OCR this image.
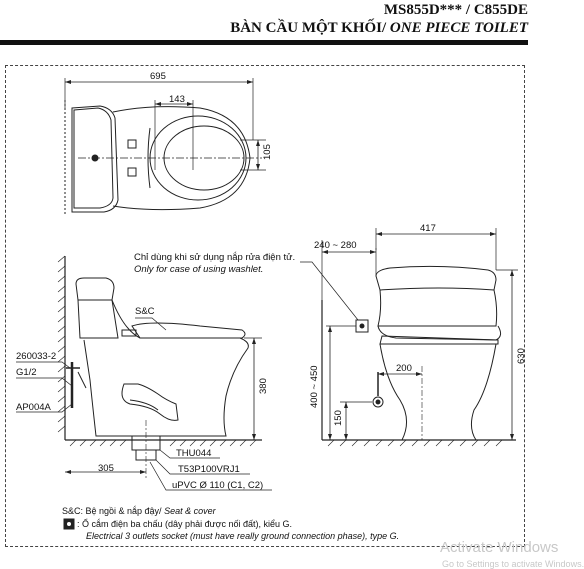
MS855D*** / C855DE
BÀN CẦU MỘT KHỐI/ ONE PIECE TOILET
695
143
105
240 ~ 280
417
Chỉ dùng khi sử dụng nắp rửa điện tử.
Only for case of using washlet.
630
200
400 ~ 450
150
S&C
260033-2
G1/2
AP004A
380
305
THU044
T53P100VRJ1
uPVC Ø 110 (C1, C2)
S&C: Bệ ngồi & nắp đậy/ Seat & cover
: Ổ cắm điện ba chấu (dây phải được nối đất), kiểu G.
Electrical 3 outlets socket (must have really ground connection phase), type G.
Activate Windows
Go to Settings to activate Windows.
